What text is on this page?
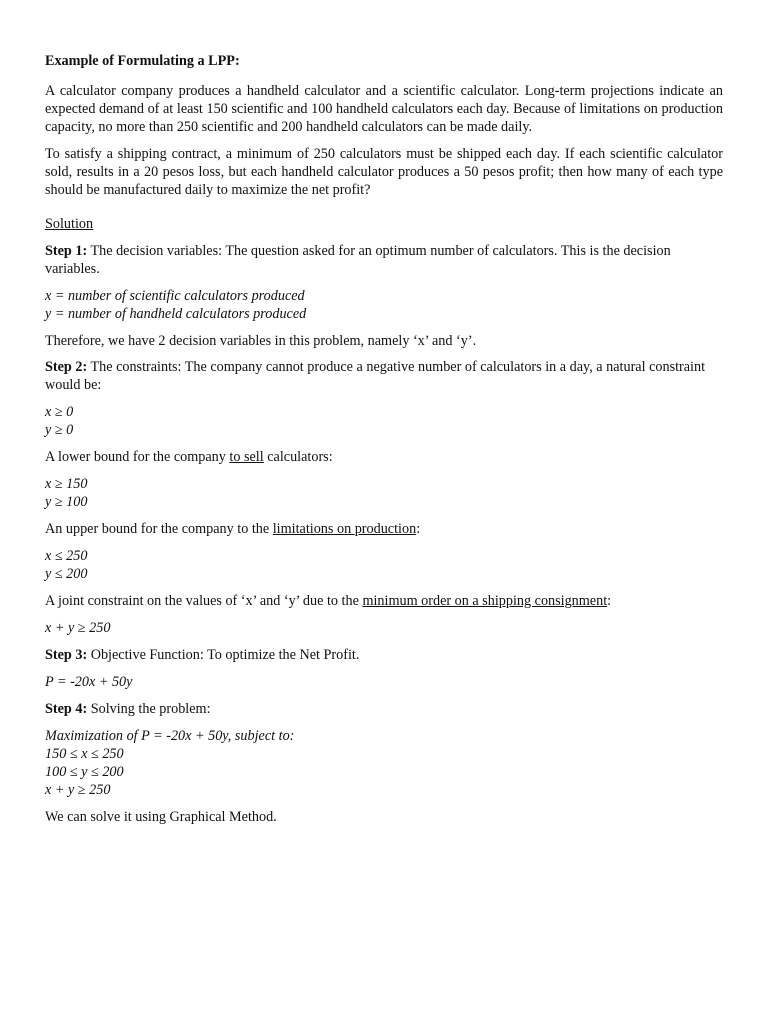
Example of Formulating a LPP:

A calculator company produces a handheld calculator and a scientific calculator. Long-term projections indicate an expected demand of at least 150 scientific and 100 handheld calculators each day. Because of limitations on production capacity, no more than 250 scientific and 200 handheld calculators can be made daily.

To satisfy a shipping contract, a minimum of 250 calculators must be shipped each day. If each scientific calculator sold, results in a 20 pesos loss, but each handheld calculator produces a 50 pesos profit; then how many of each type should be manufactured daily to maximize the net profit?

Solution

Step 1: The decision variables: The question asked for an optimum number of calculators. This is the decision variables.

x = number of scientific calculators produced
y = number of handheld calculators produced

Therefore, we have 2 decision variables in this problem, namely ‘x’ and ‘y’.

Step 2: The constraints: The company cannot produce a negative number of calculators in a day, a natural constraint would be:

x ≥ 0
y ≥ 0

A lower bound for the company to sell calculators:

x ≥ 150
y ≥ 100

An upper bound for the company to the limitations on production:

x ≤ 250
y ≤ 200

A joint constraint on the values of ‘x’ and ‘y’ due to the minimum order on a shipping consignment:

x + y ≥ 250

Step 3: Objective Function: To optimize the Net Profit.

P = -20x + 50y

Step 4: Solving the problem:

Maximization of P = -20x + 50y, subject to:
150 ≤ x ≤ 250
100 ≤ y ≤ 200
x + y ≥ 250

We can solve it using Graphical Method.
